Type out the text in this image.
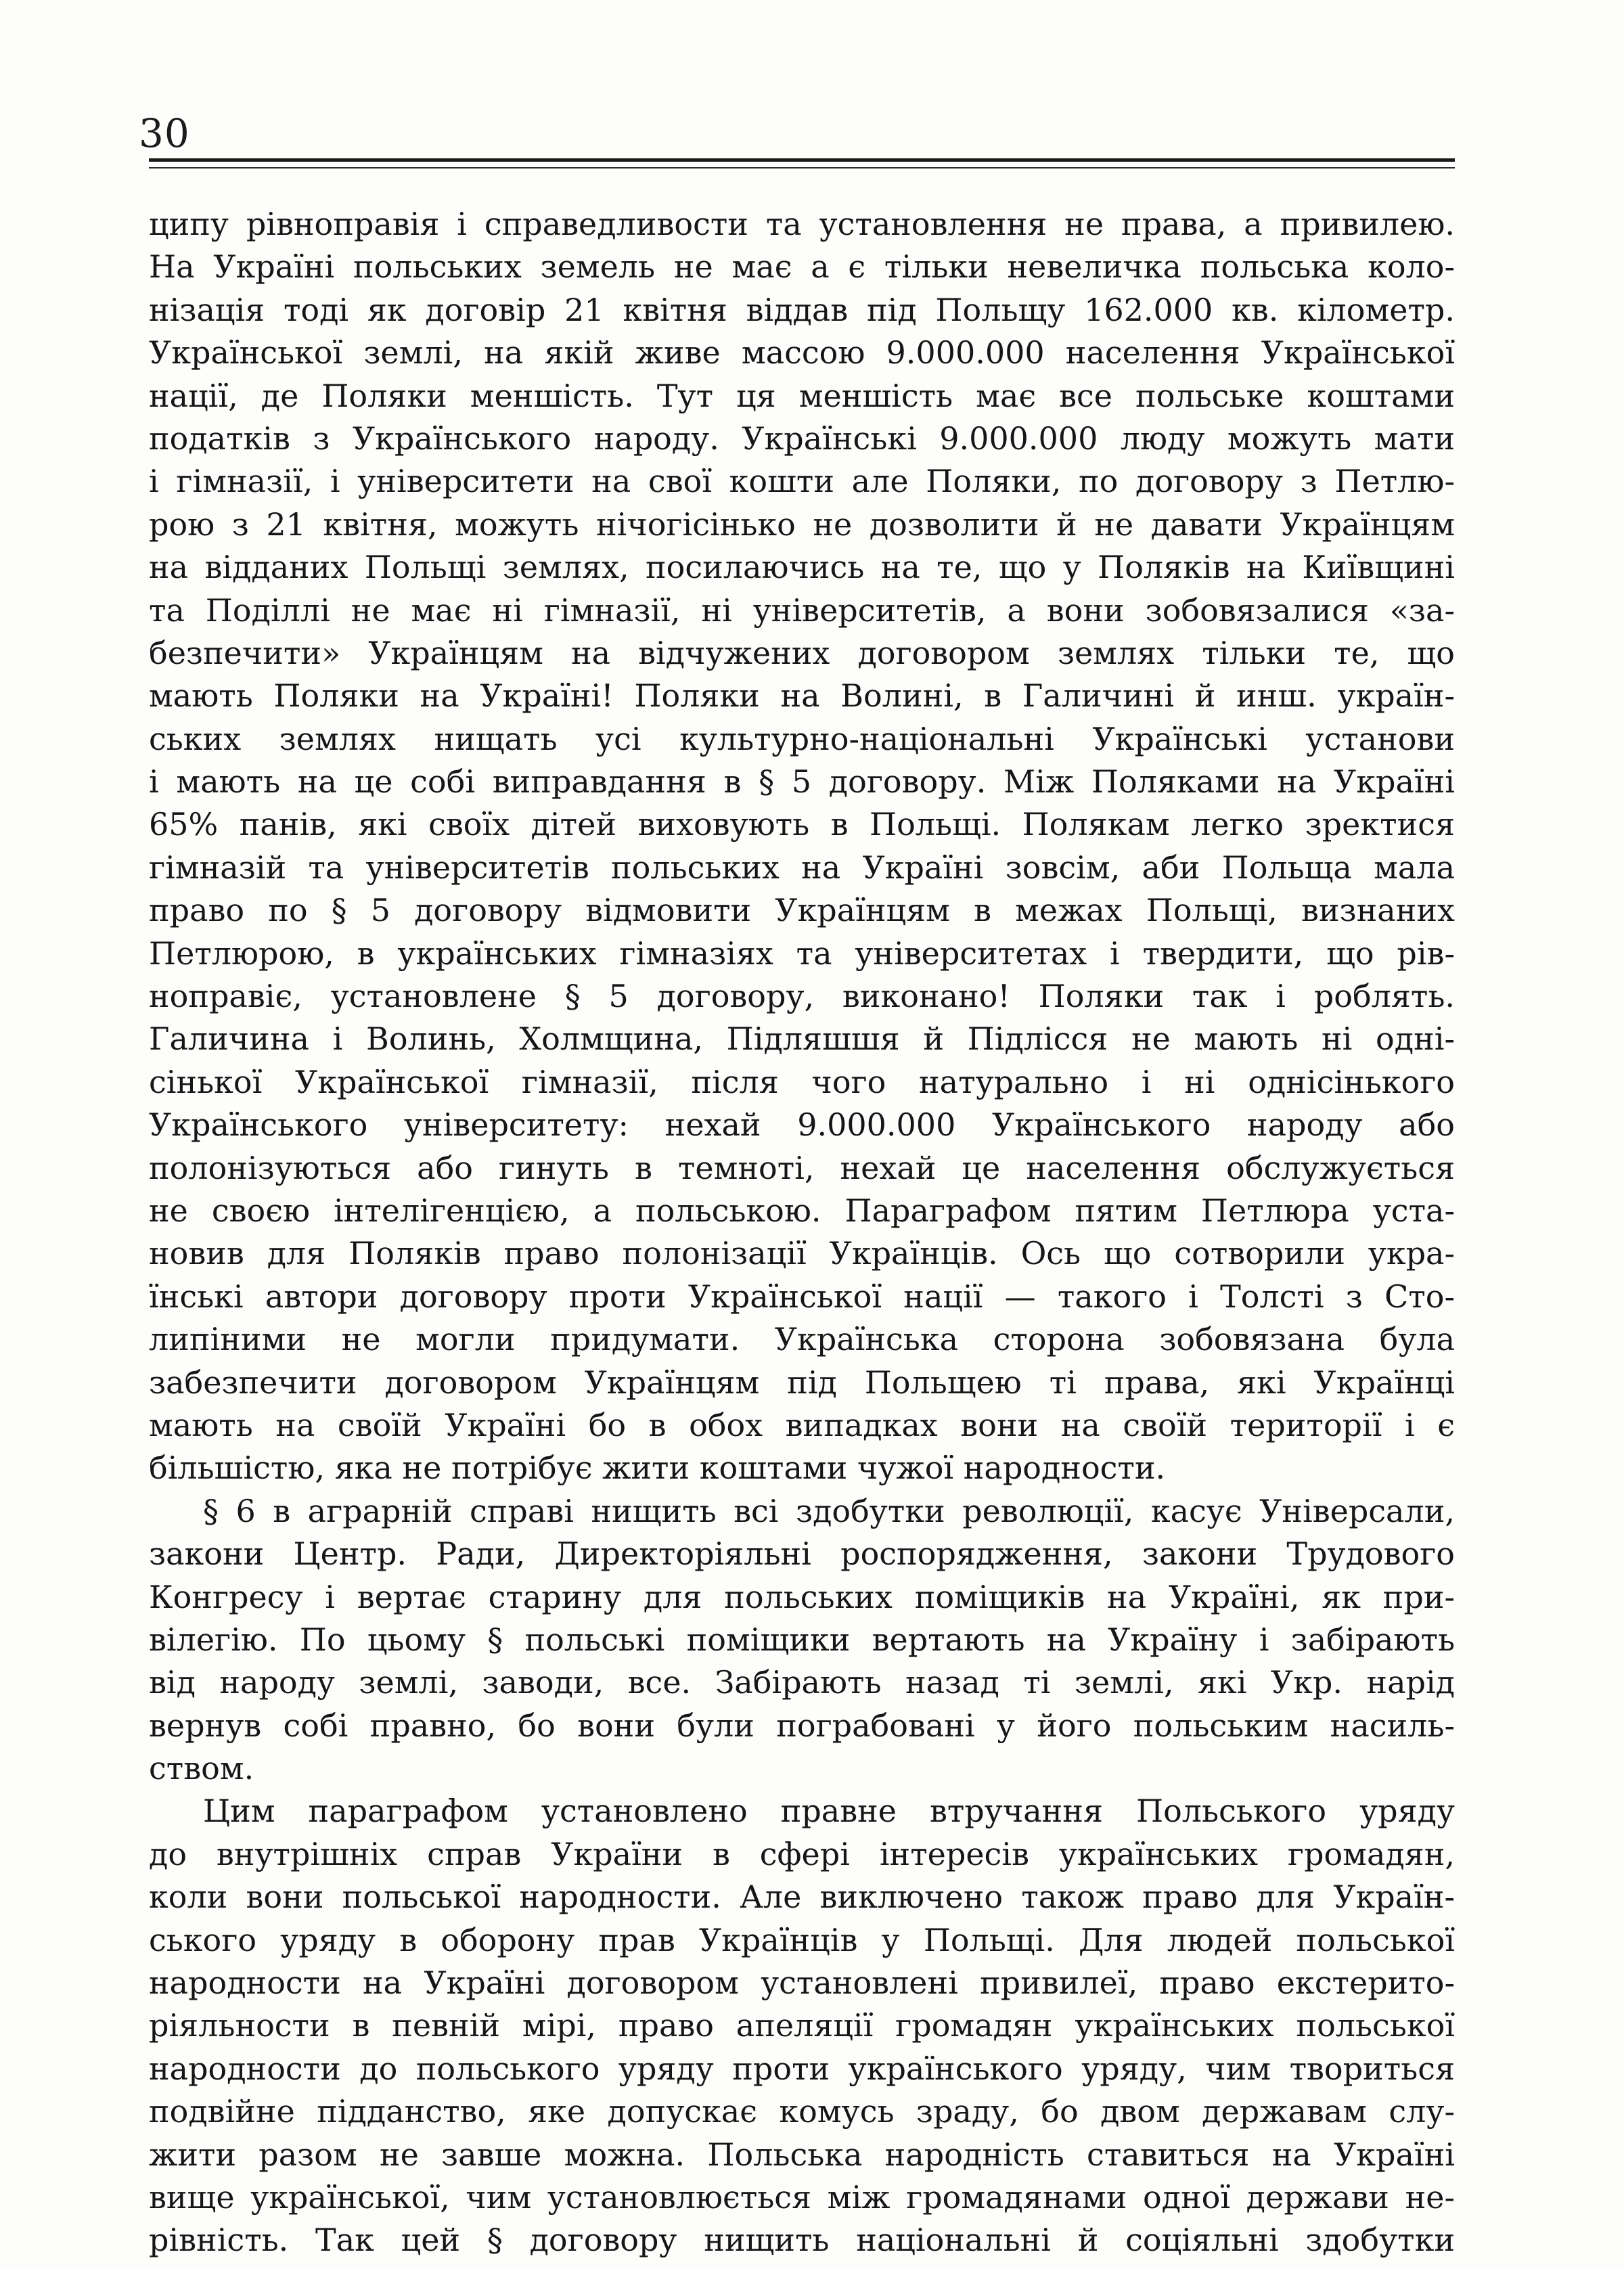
30
ципу рівноправія і справедливости та установлення не права, а привилею.
На Україні польських земель не має а є тільки невеличка польська коло-
нізація тоді як договір 21 квітня віддав під Польщу 162.000 кв. кілометр.
Української землі, на якій живе массою 9.000.000 населення Української
нації, де Поляки меншість. Тут ця меншість має все польське коштами
податків з Українського народу. Українські 9.000.000 люду можуть мати
і гімназії, і університети на свої кошти але Поляки, по договору з Петлю-
рою з 21 квітня, можуть нічогісінько не дозволити й не давати Українцям
на відданих Польщі землях, посилаючись на те, що у Поляків на Київщині
та Поділлі не має ні гімназії, ні університетів, а вони зобовязалися «за-
безпечити» Українцям на відчужених договором землях тільки те, що
мають Поляки на Україні! Поляки на Волині, в Галичині й инш. україн-
ських землях нищать усі культурно-національні Українські установи
і мають на це собі виправдання в § 5 договору. Між Поляками на Україні
65% панів, які своїх дітей виховують в Польщі. Полякам легко зректися
гімназій та університетів польських на Україні зовсім, аби Польща мала
право по § 5 договору відмовити Українцям в межах Польщі, визнаних
Петлюрою, в українських гімназіях та університетах і твердити, що рів-
ноправіє, установлене § 5 договору, виконано! Поляки так і роблять.
Галичина і Волинь, Холмщина, Підляшшя й Підлісся не мають ні одні-
сінької Української гімназії, після чого натурально і ні однісінького
Українського університету: нехай 9.000.000 Українського народу або
полонізуються або гинуть в темноті, нехай це населення обслужується
не своєю інтелігенцією, а польською. Параграфом пятим Петлюра уста-
новив для Поляків право полонізації Українців. Ось що сотворили укра-
їнські автори договору проти Української нації — такого і Толсті з Сто-
липіними не могли придумати. Українська сторона зобовязана була
забезпечити договором Українцям під Польщею ті права, які Українці
мають на своїй Україні бо в обох випадках вони на своїй території і є
більшістю, яка не потрібує жити коштами чужої народности.
§ 6 в аграрній справі нищить всі здобутки революції, касує Універсали,
закони Центр. Ради, Директоріяльні роспорядження, закони Трудового
Конгресу і вертає старину для польських поміщиків на Україні, як при-
вілегію. По цьому § польські поміщики вертають на Україну і забірають
від народу землі, заводи, все. Забірають назад ті землі, які Укр. нарід
вернув собі правно, бо вони були пограбовані у його польським насиль-
ством.
Цим параграфом установлено правне втручання Польського уряду
до внутрішніх справ України в сфері інтересів українських громадян,
коли вони польської народности. Але виключено також право для Україн-
ського уряду в оборону прав Українців у Польщі. Для людей польської
народности на Україні договором установлені привилеї, право екстерито-
ріяльности в певній мірі, право апеляції громадян українських польської
народности до польського уряду проти українського уряду, чим твориться
подвійне підданство, яке допускає комусь зраду, бо двом державам слу-
жити разом не завше можна. Польська народність ставиться на Україні
вище української, чим установлюється між громадянами одної держави не-
рівність. Так цей § договору нищить національні й соціяльні здобутки
